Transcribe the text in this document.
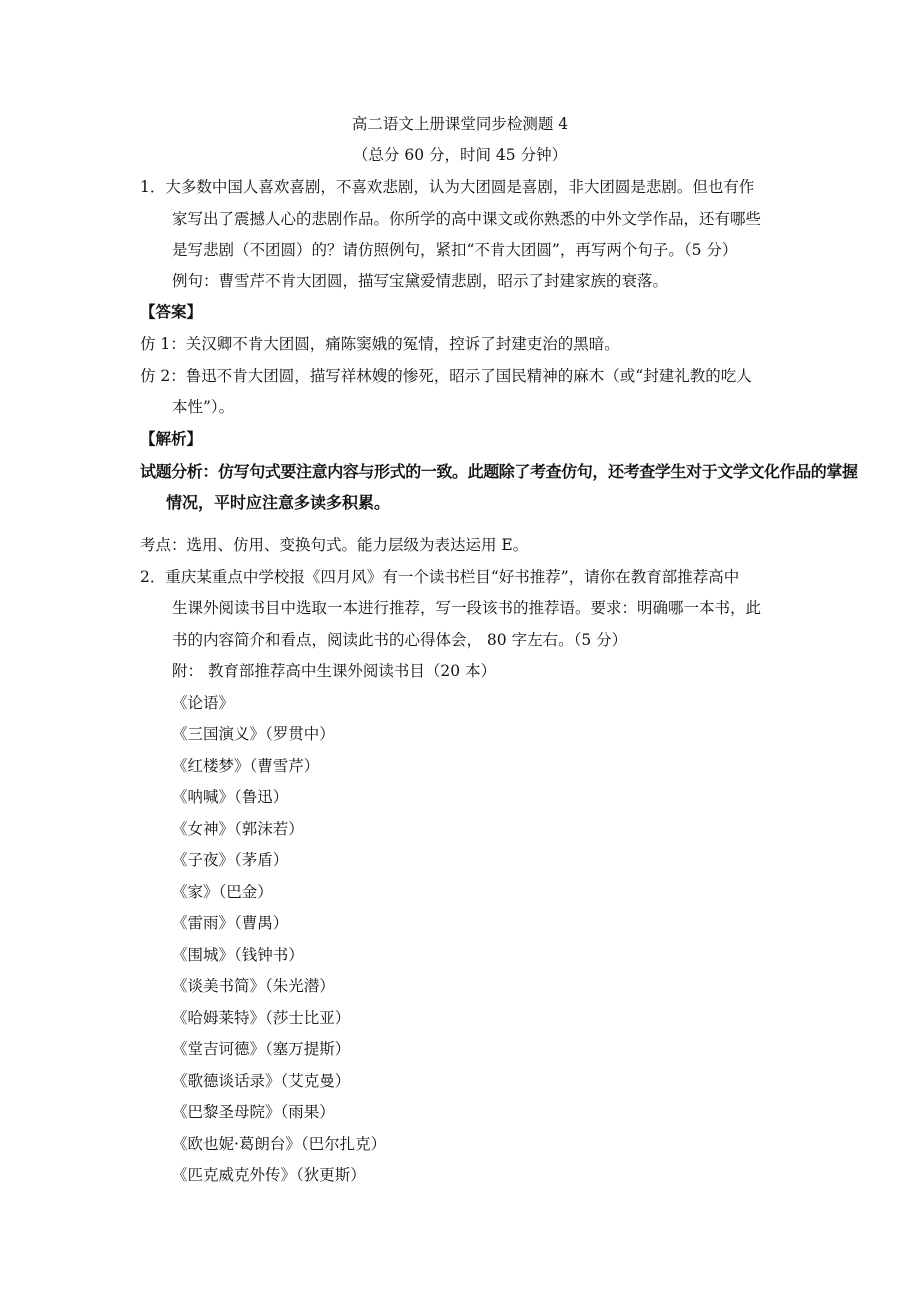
高二语文上册课堂同步检测题 4
（总分 60 分，时间 45 分钟）
1．大多数中国人喜欢喜剧，不喜欢悲剧，认为大团圆是喜剧，非大团圆是悲剧。但也有作
家写出了震撼人心的悲剧作品。你所学的高中课文或你熟悉的中外文学作品，还有哪些
是写悲剧（不团圆）的？请仿照例句，紧扣“不肯大团圆”，再写两个句子。（5 分）
例句：曹雪芹不肯大团圆，描写宝黛爱情悲剧，昭示了封建家族的衰落。
【答案】
仿 1：关汉卿不肯大团圆，痛陈窦娥的冤情，控诉了封建吏治的黑暗。
仿 2：鲁迅不肯大团圆，描写祥林嫂的惨死，昭示了国民精神的麻木（或“封建礼教的吃人
本性”）。
【解析】
试题分析：仿写句式要注意内容与形式的一致。此题除了考查仿句，还考查学生对于文学文化作品的掌握
情况，平时应注意多读多积累。
考点：选用、仿用、变换句式。能力层级为表达运用 E。
2．重庆某重点中学校报《四月风》有一个读书栏目“好书推荐”，请你在教育部推荐高中
生课外阅读书目中选取一本进行推荐，写一段该书的推荐语。要求：明确哪一本书，此
书的内容简介和看点，阅读此书的心得体会， 80 字左右。（5 分）
附： 教育部推荐高中生课外阅读书目（20 本）
《论语》
《三国演义》（罗贯中）
《红楼梦》（曹雪芹）
《呐喊》（鲁迅）
《女神》（郭沫若）
《子夜》（茅盾）
《家》（巴金）
《雷雨》（曹禺）
《围城》（钱钟书）
《谈美书简》（朱光潜）
《哈姆莱特》（莎士比亚）
《堂吉诃德》（塞万提斯）
《歌德谈话录》（艾克曼）
《巴黎圣母院》（雨果）
《欧也妮·葛朗台》（巴尔扎克）
《匹克威克外传》（狄更斯）
